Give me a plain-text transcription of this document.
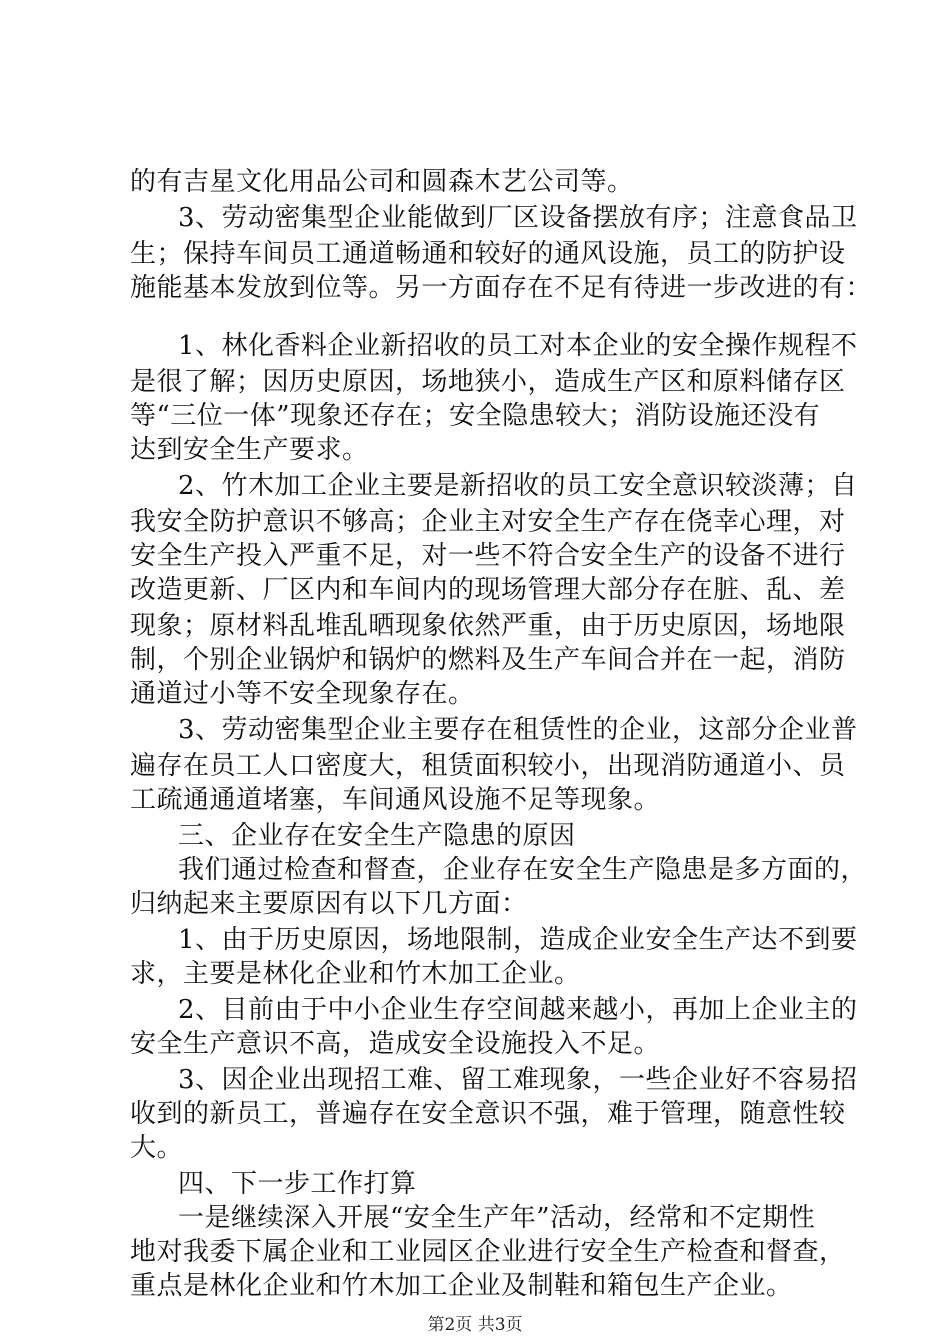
的有吉星文化用品公司和圆森木艺公司等。
3、劳动密集型企业能做到厂区设备摆放有序；注意食品卫
生；保持车间员工通道畅通和较好的通风设施，员工的防护设
施能基本发放到位等。另一方面存在不足有待进一步改进的有：
1、林化香料企业新招收的员工对本企业的安全操作规程不
是很了解；因历史原因，场地狭小，造成生产区和原料储存区
等“三位一体”现象还存在；安全隐患较大；消防设施还没有
达到安全生产要求。
2、竹木加工企业主要是新招收的员工安全意识较淡薄；自
我安全防护意识不够高；企业主对安全生产存在侥幸心理，对
安全生产投入严重不足，对一些不符合安全生产的设备不进行
改造更新、厂区内和车间内的现场管理大部分存在脏、乱、差
现象；原材料乱堆乱晒现象依然严重，由于历史原因，场地限
制，个别企业锅炉和锅炉的燃料及生产车间合并在一起，消防
通道过小等不安全现象存在。
3、劳动密集型企业主要存在租赁性的企业，这部分企业普
遍存在员工人口密度大，租赁面积较小，出现消防通道小、员
工疏通通道堵塞，车间通风设施不足等现象。
三、企业存在安全生产隐患的原因
我们通过检查和督查，企业存在安全生产隐患是多方面的，
归纳起来主要原因有以下几方面：
1、由于历史原因，场地限制，造成企业安全生产达不到要
求，主要是林化企业和竹木加工企业。
2、目前由于中小企业生存空间越来越小，再加上企业主的
安全生产意识不高，造成安全设施投入不足。
3、因企业出现招工难、留工难现象，一些企业好不容易招
收到的新员工，普遍存在安全意识不强，难于管理，随意性较
大。
四、下一步工作打算
一是继续深入开展“安全生产年”活动，经常和不定期性
地对我委下属企业和工业园区企业进行安全生产检查和督查，
重点是林化企业和竹木加工企业及制鞋和箱包生产企业。
第2页 共3页
